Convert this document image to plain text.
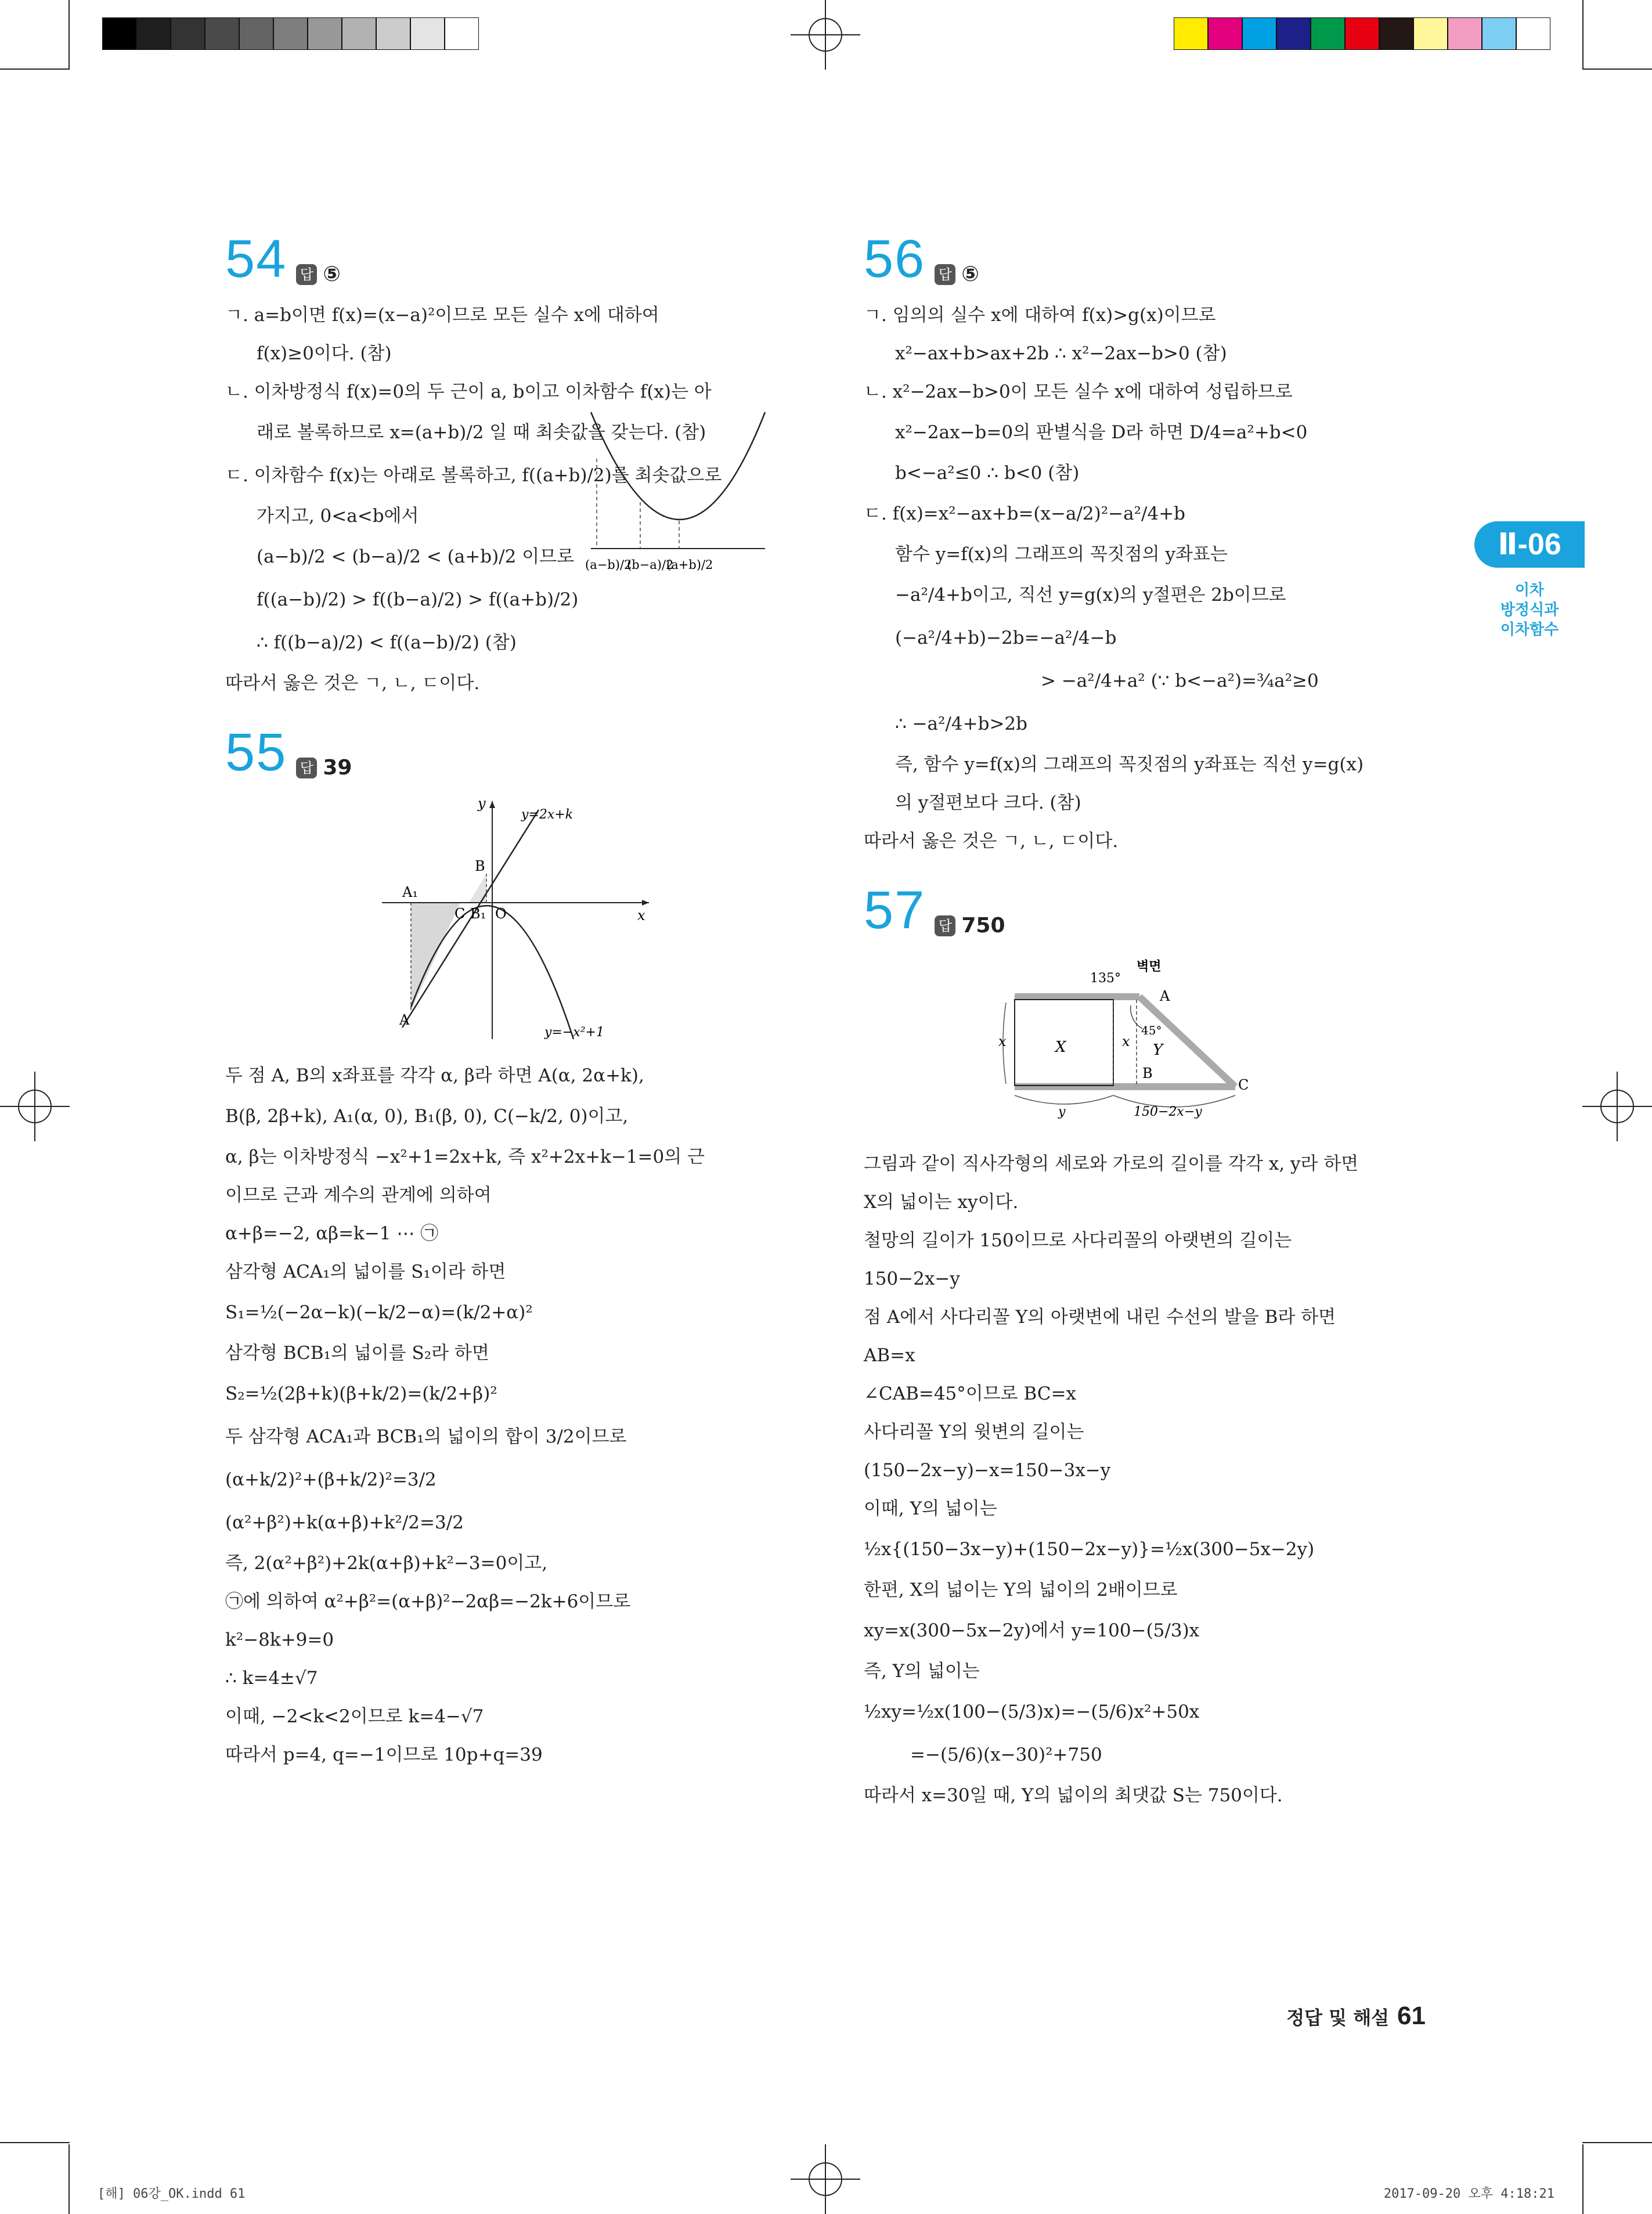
Ⅱ-06
이차
방정식과
이차함수
54 답 ⑤
ㄱ. a=b이면 f(x)=(x−a)²이므로 모든 실수 x에 대하여
f(x)≥0이다. (참)
ㄴ. 이차방정식 f(x)=0의 두 근이 a, b이고 이차함수 f(x)는 아
래로 볼록하므로 x=(a+b)/2 일 때 최솟값을 갖는다. (참)
ㄷ. 이차함수 f(x)는 아래로 볼록하고, f((a+b)/2)를 최솟값으로
가지고, 0<a<b에서
(a−b)/2 < (b−a)/2 < (a+b)/2 이므로
f((a−b)/2) > f((b−a)/2) > f((a+b)/2)
∴ f((b−a)/2) < f((a−b)/2) (참)
따라서 옳은 것은 ㄱ, ㄴ, ㄷ이다.
(a−b)/2
(b−a)/2
(a+b)/2
55 답 39
y
x
y=2x+k
y=−x²+1
B
A₁
C B₁ O
A
두 점 A, B의 x좌표를 각각 α, β라 하면 A(α, 2α+k),
B(β, 2β+k), A₁(α, 0), B₁(β, 0), C(−k/2, 0)이고,
α, β는 이차방정식 −x²+1=2x+k, 즉 x²+2x+k−1=0의 근
이므로 근과 계수의 관계에 의하여
α+β=−2, αβ=k−1 ⋯ ㉠
삼각형 ACA₁의 넓이를 S₁이라 하면
S₁=½(−2α−k)(−k/2−α)=(k/2+α)²
삼각형 BCB₁의 넓이를 S₂라 하면
S₂=½(2β+k)(β+k/2)=(k/2+β)²
두 삼각형 ACA₁과 BCB₁의 넓이의 합이 3/2이므로
(α+k/2)²+(β+k/2)²=3/2
(α²+β²)+k(α+β)+k²/2=3/2
즉, 2(α²+β²)+2k(α+β)+k²−3=0이고,
㉠에 의하여 α²+β²=(α+β)²−2αβ=−2k+6이므로
k²−8k+9=0
∴ k=4±√7
이때, −2<k<2이므로 k=4−√7
따라서 p=4, q=−1이므로 10p+q=39
56 답 ⑤
ㄱ. 임의의 실수 x에 대하여 f(x)>g(x)이므로
x²−ax+b>ax+2b ∴ x²−2ax−b>0 (참)
ㄴ. x²−2ax−b>0이 모든 실수 x에 대하여 성립하므로
x²−2ax−b=0의 판별식을 D라 하면 D/4=a²+b<0
b<−a²≤0 ∴ b<0 (참)
ㄷ. f(x)=x²−ax+b=(x−a/2)²−a²/4+b
함수 y=f(x)의 그래프의 꼭짓점의 y좌표는
−a²/4+b이고, 직선 y=g(x)의 y절편은 2b이므로
(−a²/4+b)−2b=−a²/4−b
> −a²/4+a² (∵ b<−a²)=¾a²≥0
∴ −a²/4+b>2b
즉, 함수 y=f(x)의 그래프의 꼭짓점의 y좌표는 직선 y=g(x)
의 y절편보다 크다. (참)
따라서 옳은 것은 ㄱ, ㄴ, ㄷ이다.
57 답 750
벽면
135°
A
45°
x	X	x Y
B
C
y	150−2x−y
그림과 같이 직사각형의 세로와 가로의 길이를 각각 x, y라 하면
X의 넓이는 xy이다.
철망의 길이가 150이므로 사다리꼴의 아랫변의 길이는
150−2x−y
점 A에서 사다리꼴 Y의 아랫변에 내린 수선의 발을 B라 하면
AB=x
∠CAB=45°이므로 BC=x
사다리꼴 Y의 윗변의 길이는
(150−2x−y)−x=150−3x−y
이때, Y의 넓이는
½x{(150−3x−y)+(150−2x−y)}=½x(300−5x−2y)
한편, X의 넓이는 Y의 넓이의 2배이므로
xy=x(300−5x−2y)에서 y=100−(5/3)x
즉, Y의 넓이는
½xy=½x(100−(5/3)x)=−(5/6)x²+50x
=−(5/6)(x−30)²+750
따라서 x=30일 때, Y의 넓이의 최댓값 S는 750이다.
정답 및 해설 61
[해] 06강_OK.indd 61	2017-09-20 오후 4:18:21
